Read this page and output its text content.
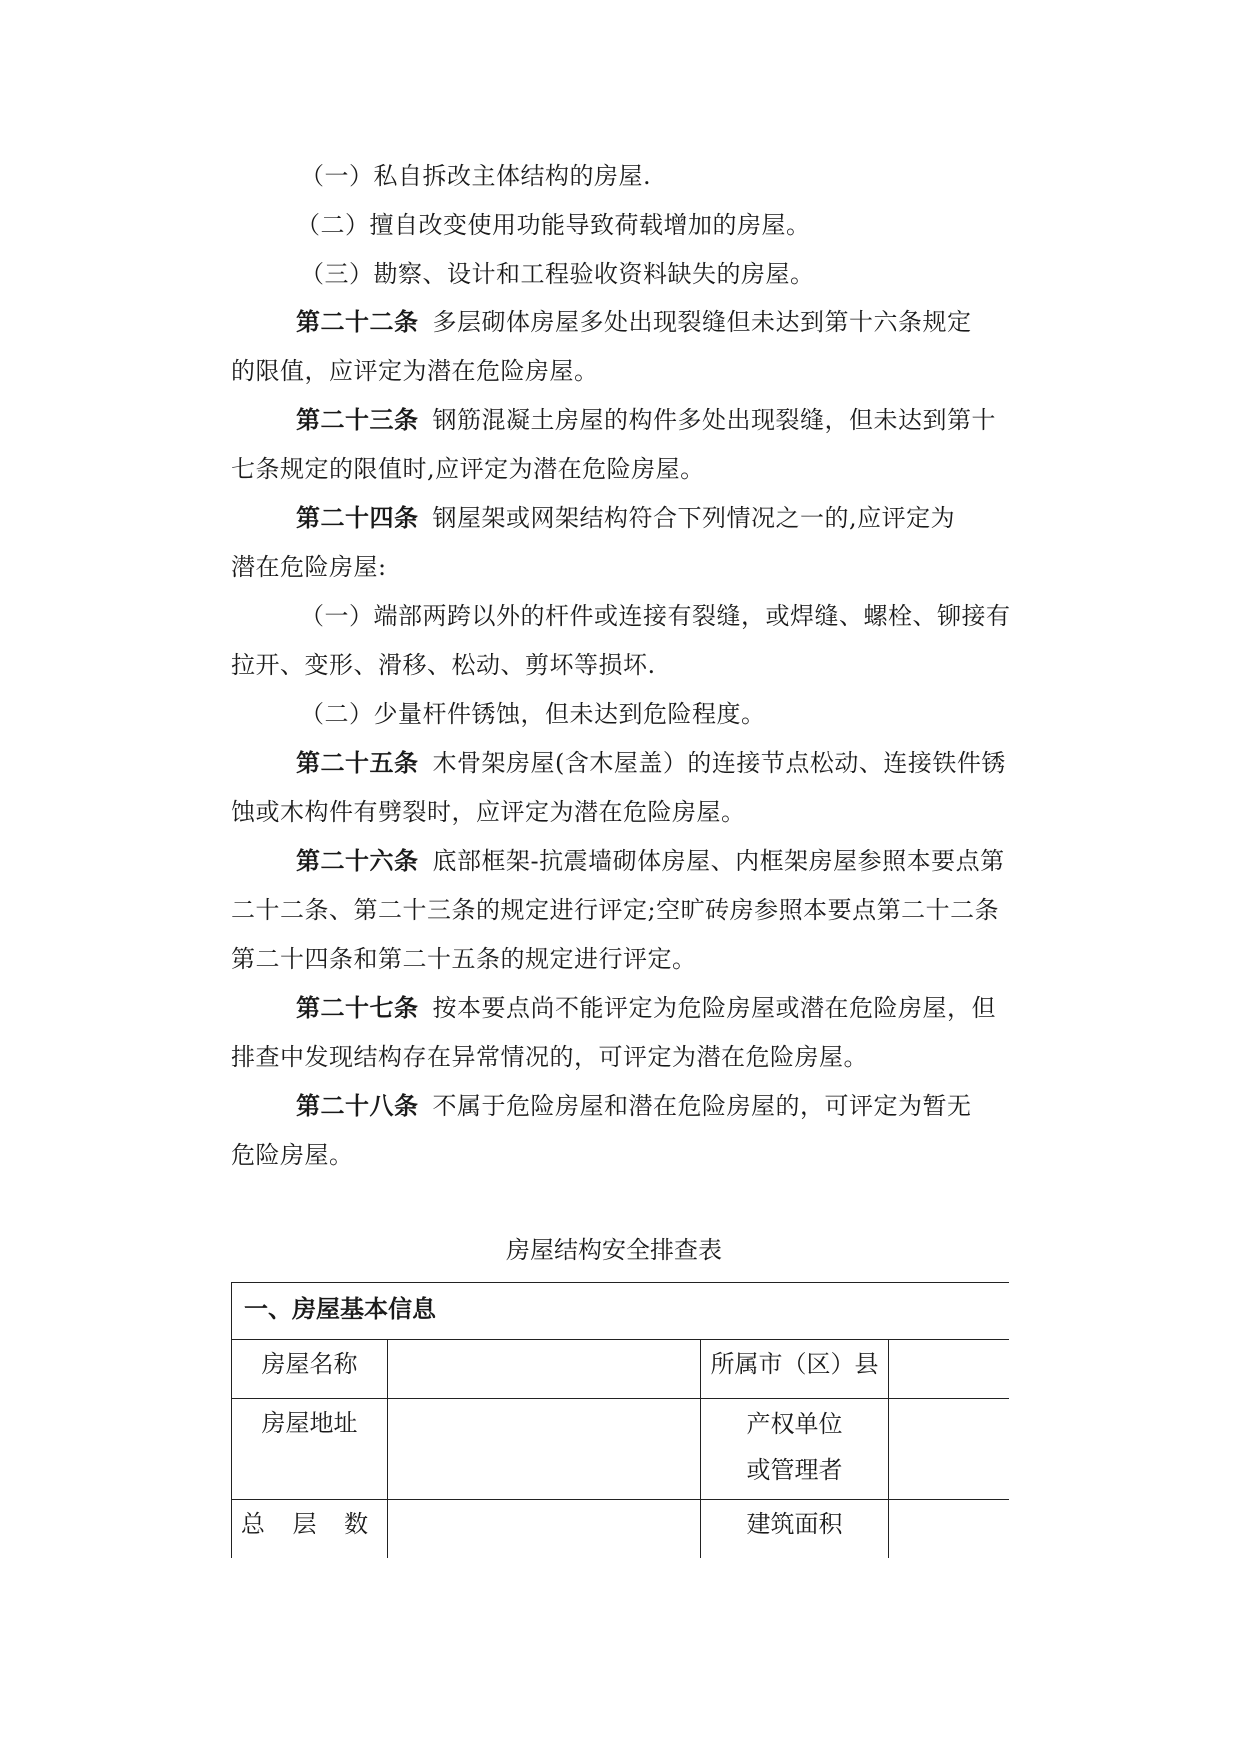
（一）私自拆改主体结构的房屋.
（二）擅自改变使用功能导致荷载增加的房屋。
（三）勘察、设计和工程验收资料缺失的房屋。
第二十二条 多层砌体房屋多处出现裂缝但未达到第十六条规定
的限值，应评定为潜在危险房屋。
第二十三条 钢筋混凝土房屋的构件多处出现裂缝，但未达到第十
七条规定的限值时,应评定为潜在危险房屋。
第二十四条 钢屋架或网架结构符合下列情况之一的,应评定为
潜在危险房屋:
（一）端部两跨以外的杆件或连接有裂缝，或焊缝、螺栓、铆接有
拉开、变形、滑移、松动、剪坏等损坏.
（二）少量杆件锈蚀，但未达到危险程度。
第二十五条 木骨架房屋(含木屋盖）的连接节点松动、连接铁件锈
蚀或木构件有劈裂时，应评定为潜在危险房屋。
第二十六条 底部框架-抗震墙砌体房屋、内框架房屋参照本要点第
二十二条、第二十三条的规定进行评定;空旷砖房参照本要点第二十二条
第二十四条和第二十五条的规定进行评定。
第二十七条 按本要点尚不能评定为危险房屋或潜在危险房屋，但
排查中发现结构存在异常情况的，可评定为潜在危险房屋。
第二十八条 不属于危险房屋和潜在危险房屋的，可评定为暂无
危险房屋。
房屋结构安全排查表
一、房屋基本信息			
房屋名称		所属市（区）县	
房屋地址		产权单位
或管理者	

总 层 数		建筑面积	
